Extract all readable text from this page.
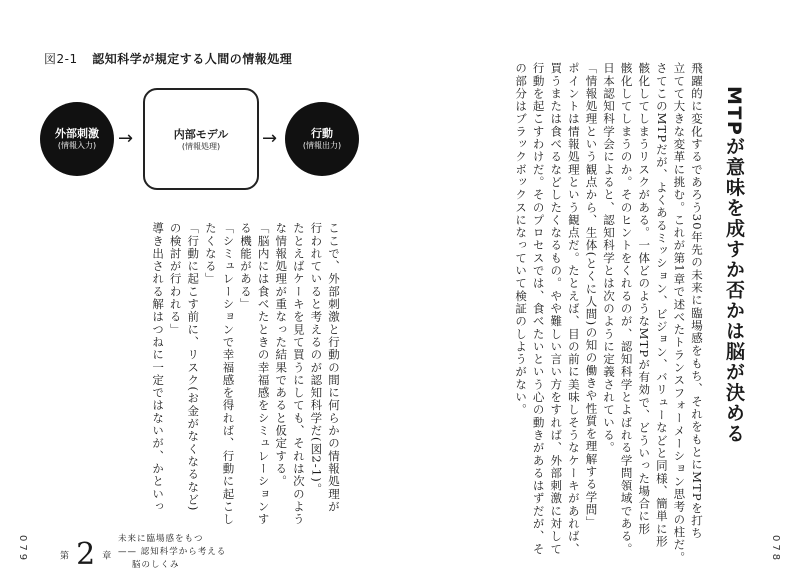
図2-1 認知科学が規定する人間の情報処理
外部刺激
(情報入力)	→	内部モデル
(情報処理)	→	行動
(情報出力)
ここで、外部刺激と行動の間に何らかの情報処理が
行われていると考えるのが認知科学だ(図2-1)。
たとえばケーキを見て買うにしても、それは次のよう
な情報処理が重なった結果であると仮定する。
「脳内には食べたときの幸福感をシミュレーションす
る機能がある」
「シミュレーションで幸福感を得れば、行動に起こし
たくなる」
「行動に起こす前に、リスク(お金がなくなるなど)
の検討が行われる」
導き出される解はつねに一定ではないが、かといっ	MTPが意味を成すか否かは脳が決める
飛躍的に変化するであろう30年先の未来に臨場感をもち、それをもとにMTPを打ち
立てて大きな変革に挑む。これが第1章で述べたトランスフォーメーション思考の柱だ。
さてこのMTPだが、よくあるミッション、ビジョン、バリューなどと同様、簡単に形
骸化してしまうリスクがある。一体どのようなMTPが有効で、どういった場合に形
骸化してしまうのか。そのヒントをくれるのが、認知科学とよばれる学問領域である。
日本認知科学会によると、認知科学とは次のように定義されている。
「情報処理という観点から、生体(とくに人間)の知の働きや性質を理解する学問」
ポイントは情報処理という観点だ。たとえば、目の前に美味しそうなケーキがあれば、
買うまたは食べるなどしたくなるもの。やや難しい言い方をすれば、外部刺激に対して
行動を起こすわけだ。そのプロセスでは、食べたいという心の動きがあるはずだが、そ
の部分はブラックボックスになっていて検証のしようがない。
079	078
第 2 章
未来に臨場感をもつ
—— 認知科学から考える
脳のしくみ
